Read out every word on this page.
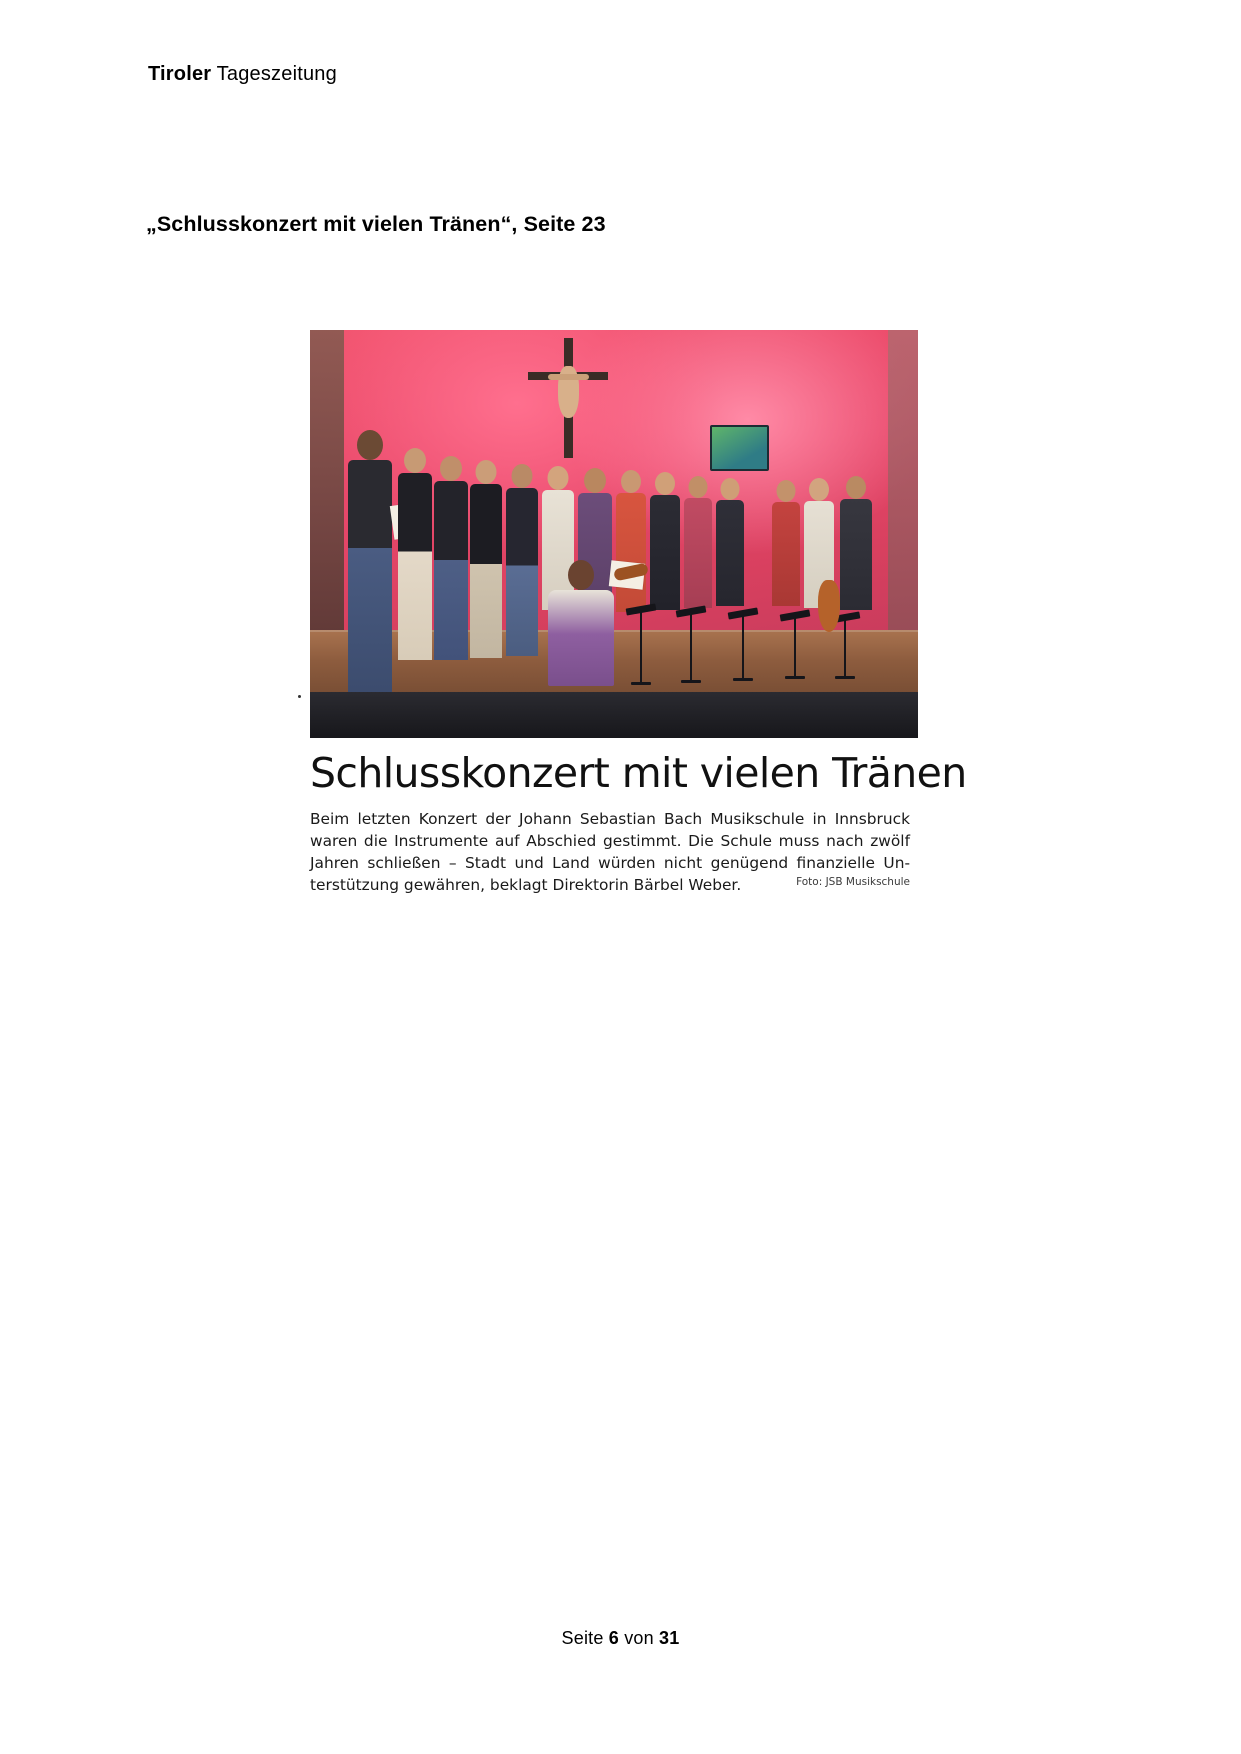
Tiroler Tageszeitung
„Schlusskonzert mit vielen Tränen“, Seite 23
Schlusskonzert mit vielen Tränen
Beim letzten Konzert der Johann Sebastian Bach Musikschule in Innsbruck waren die Instrumente auf Abschied gestimmt. Die Schule muss nach zwölf Jahren schließen – Stadt und Land würden nicht genügend finanzielle Un-terstützung gewähren, beklagt Direktorin Bärbel Weber.	Foto: JSB Musikschule
Seite 6 von 31
